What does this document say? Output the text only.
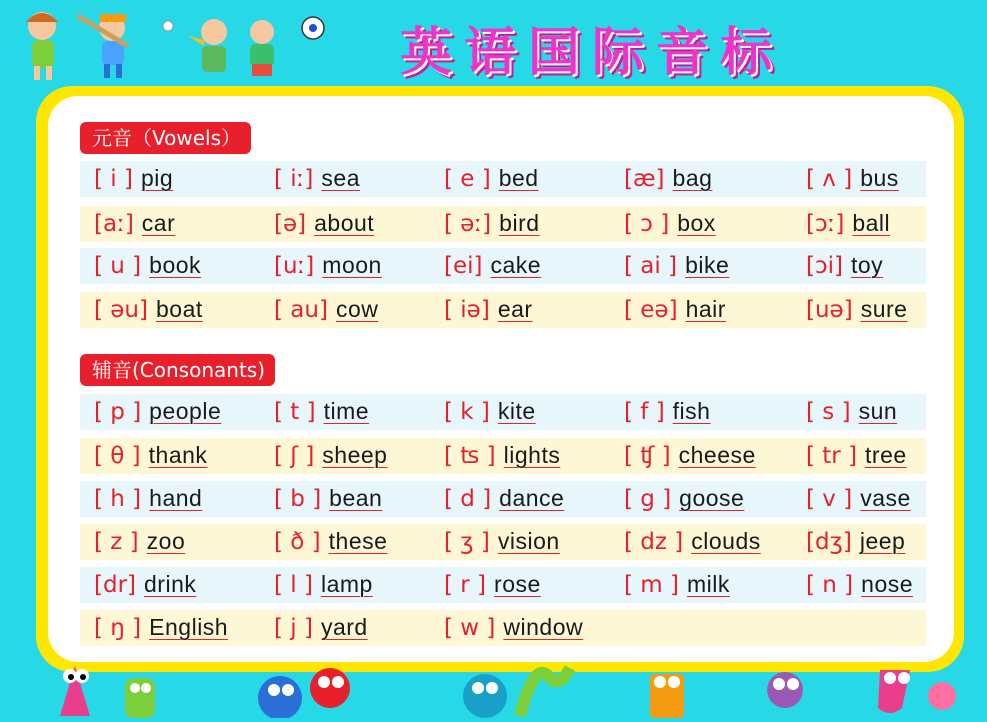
英语国际音标
元音（Vowels）
[ i ] pig	[ iː] sea	[ e ] bed	[æ] bag	[ ʌ ] bus
[aː] car	[ə] about	[ əː] bird	[ ɔ ] box	[ɔː] ball
[ u ] book	[uː] moon	[ei] cake	[ ai ] bike	[ɔi] toy
[ əu] boat	[ au] cow	[ iə] ear	[ eə] hair	[uə] sure
辅音(Consonants)
[ p ] people [ t ] time	[ k ] kite	[ f ] fish	[ s ] sun
[ θ ] thank	[ ʃ ] sheep [ ʦ ] lights	[ ʧ ] cheese [ tr ] tree
[ h ] hand	[ b ] bean	[ d ] dance	[ g ] goose	[ v ] vase
[ z ] zoo	[ ð ] these [ ʒ ] vision	[ dz ] clouds [dʒ] jeep
[dr] drink	[ l ] lamp	[ r ] rose	[ m ] milk	[ n ] nose
[ ŋ ] English [ j ] yard	[ w ] window
